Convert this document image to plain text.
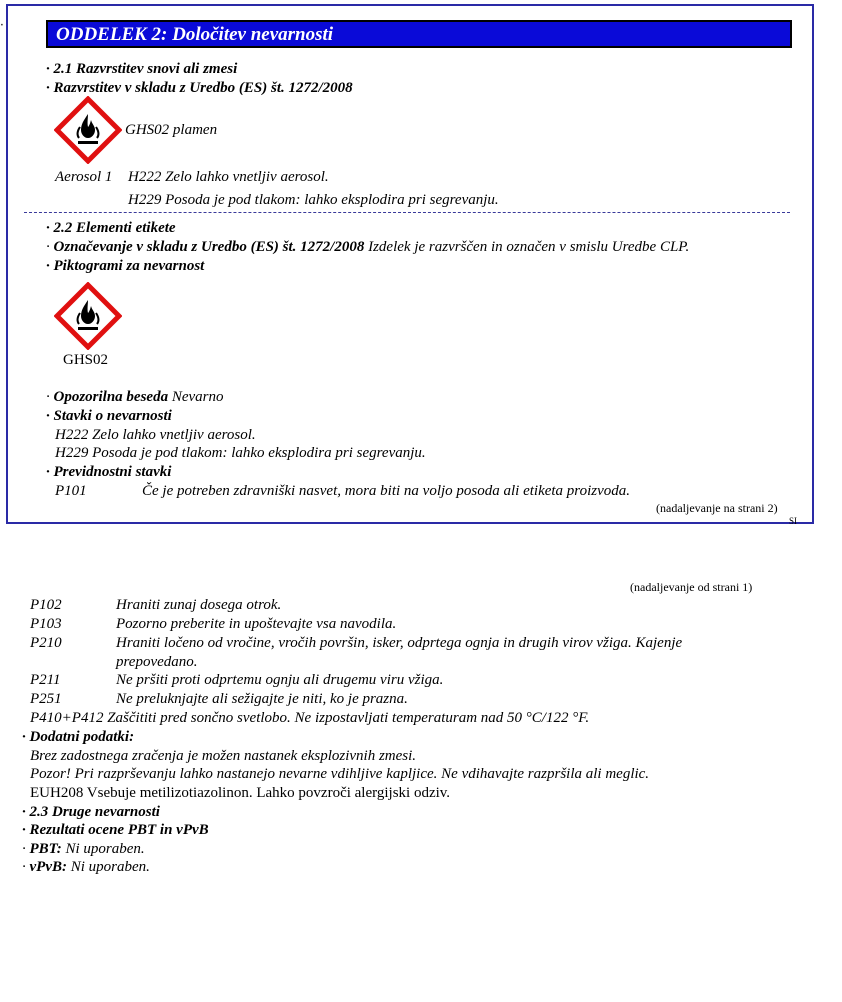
‧	ODDELEK 2: Določitev nevarnosti
· 2.1 Razvrstitev snovi ali zmesi
· Razvrstitev v skladu z Uredbo (ES) št. 1272/2008
GHS02 plamen
Aerosol 1 H222 Zelo lahko vnetljiv aerosol.
H229 Posoda je pod tlakom: lahko eksplodira pri segrevanju.
· 2.2 Elementi etikete
· Označevanje v skladu z Uredbo (ES) št. 1272/2008 Izdelek je razvrščen in označen v smislu Uredbe CLP.
· Piktogrami za nevarnost
GHS02
· Opozorilna beseda Nevarno
· Stavki o nevarnosti
H222 Zelo lahko vnetljiv aerosol.
H229 Posoda je pod tlakom: lahko eksplodira pri segrevanju.
· Previdnostni stavki
P101	Če je potreben zdravniški nasvet, mora biti na voljo posoda ali etiketa proizvoda.
(nadaljevanje na strani 2)
SI
(nadaljevanje od strani 1)
P102	Hraniti zunaj dosega otrok.
P103	Pozorno preberite in upoštevajte vsa navodila.
P210	Hraniti ločeno od vročine, vročih površin, isker, odprtega ognja in drugih virov vžiga. Kajenje
prepovedano.
P211	Ne pršiti proti odprtemu ognju ali drugemu viru vžiga.
P251	Ne preluknjajte ali sežigajte je niti, ko je prazna.
P410+P412 Zaščititi pred sončno svetlobo. Ne izpostavljati temperaturam nad 50 °C/122 °F.
· Dodatni podatki:
Brez zadostnega zračenja je možen nastanek eksplozivnih zmesi.
Pozor! Pri razprševanju lahko nastanejo nevarne vdihljive kapljice. Ne vdihavajte razpršila ali meglic.
EUH208 Vsebuje metilizotiazolinon. Lahko povzroči alergijski odziv.
· 2.3 Druge nevarnosti
· Rezultati ocene PBT in vPvB
· PBT: Ni uporaben.
· vPvB: Ni uporaben.
